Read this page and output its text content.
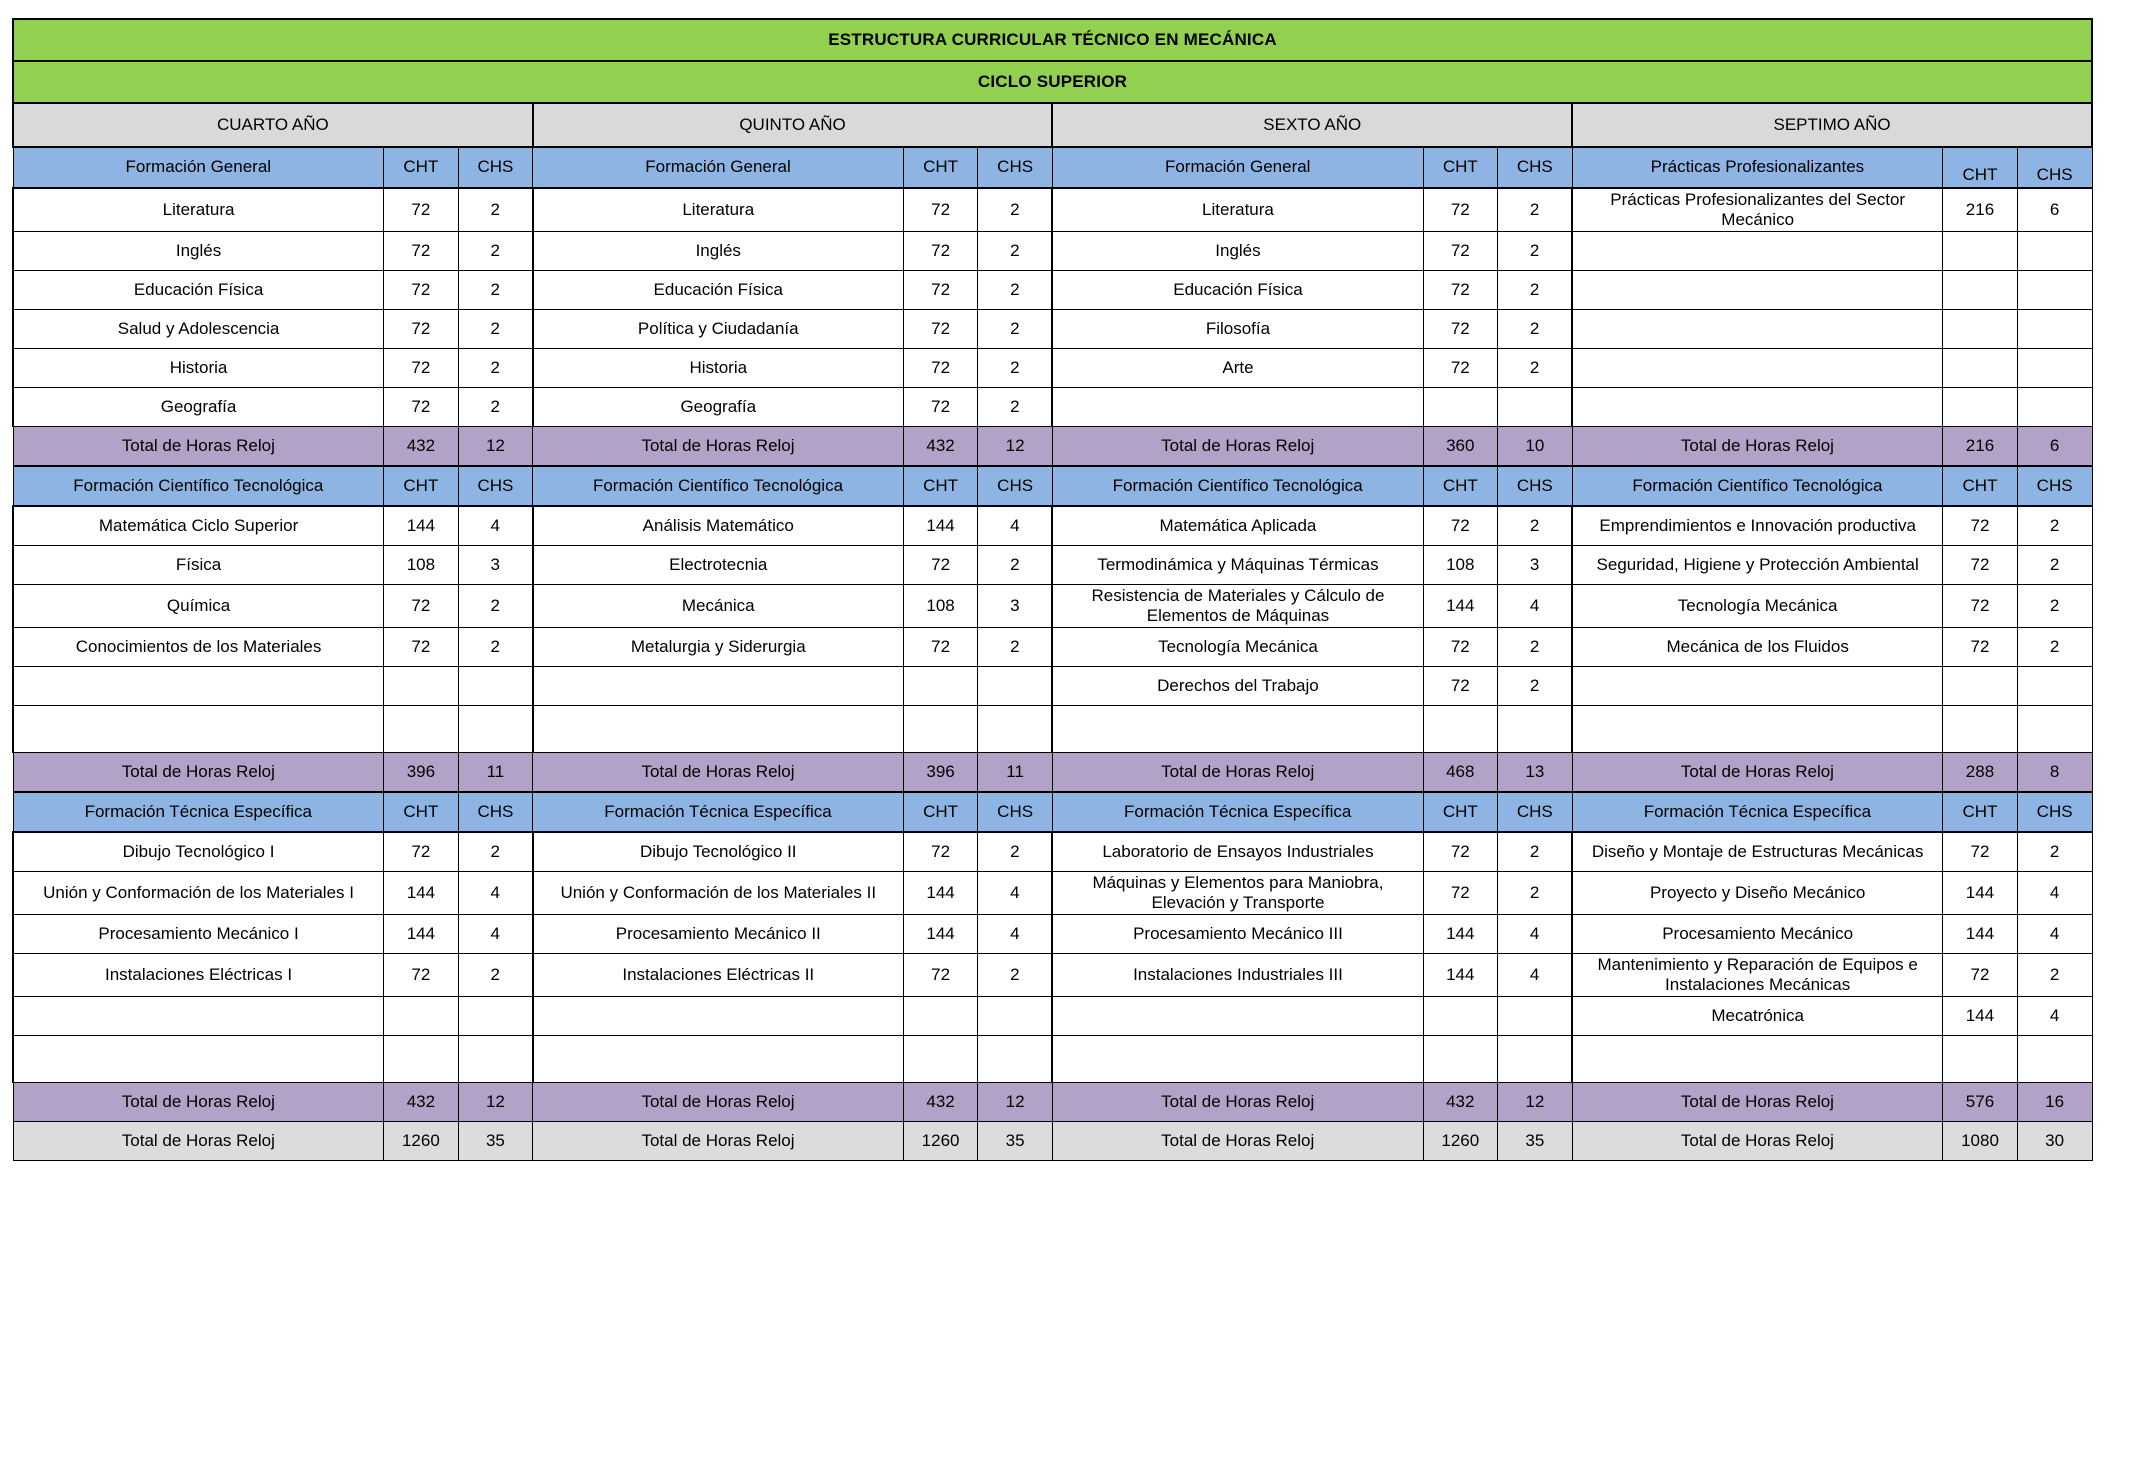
ESTRUCTURA CURRICULAR TÉCNICO EN MECÁNICA											
CICLO SUPERIOR											
CUARTO AÑO			QUINTO AÑO			SEXTO AÑO			SEPTIMO AÑO		
Formación General	CHT	CHS	Formación General	CHT	CHS	Formación General	CHT	CHS	Prácticas Profesionalizantes	CHT	CHS
Literatura	72	2	Literatura	72	2	Literatura	72	2	Prácticas Profesionalizantes del Sector Mecánico	216	6
Inglés	72	2	Inglés	72	2	Inglés	72	2			
Educación Física	72	2	Educación Física	72	2	Educación Física	72	2			
Salud y Adolescencia	72	2	Política y Ciudadanía	72	2	Filosofía	72	2			
Historia	72	2	Historia	72	2	Arte	72	2			
Geografía	72	2	Geografía	72	2						
Total de Horas Reloj	432	12	Total de Horas Reloj	432	12	Total de Horas Reloj	360	10	Total de Horas Reloj	216	6
Formación Científico Tecnológica	CHT	CHS	Formación Científico Tecnológica	CHT	CHS	Formación Científico Tecnológica	CHT	CHS	Formación Científico Tecnológica	CHT	CHS
Matemática Ciclo Superior	144	4	Análisis Matemático	144	4	Matemática Aplicada	72	2	Emprendimientos e Innovación productiva	72	2
Física	108	3	Electrotecnia	72	2	Termodinámica y Máquinas Térmicas	108	3	Seguridad, Higiene y Protección Ambiental	72	2
Química	72	2	Mecánica	108	3	Resistencia de Materiales y Cálculo de Elementos de Máquinas	144	4	Tecnología Mecánica	72	2
Conocimientos de los Materiales	72	2	Metalurgia y Siderurgia	72	2	Tecnología Mecánica	72	2	Mecánica de los Fluidos	72	2
						Derechos del Trabajo	72	2			

Total de Horas Reloj	396	11	Total de Horas Reloj	396	11	Total de Horas Reloj	468	13	Total de Horas Reloj	288	8
Formación Técnica Específica	CHT	CHS	Formación Técnica Específica	CHT	CHS	Formación Técnica Específica	CHT	CHS	Formación Técnica Específica	CHT	CHS
Dibujo Tecnológico I	72	2	Dibujo Tecnológico II	72	2	Laboratorio de Ensayos Industriales	72	2	Diseño y Montaje de Estructuras Mecánicas	72	2
Unión y Conformación de los Materiales I	144	4	Unión y Conformación de los Materiales II	144	4	Máquinas y Elementos para Maniobra, Elevación y Transporte	72	2	Proyecto y Diseño Mecánico	144	4
Procesamiento Mecánico I	144	4	Procesamiento Mecánico II	144	4	Procesamiento Mecánico III	144	4	Procesamiento Mecánico	144	4
Instalaciones Eléctricas I	72	2	Instalaciones Eléctricas II	72	2	Instalaciones Industriales III	144	4	Mantenimiento y Reparación de Equipos e Instalaciones Mecánicas	72	2
									Mecatrónica	144	4

Total de Horas Reloj	432	12	Total de Horas Reloj	432	12	Total de Horas Reloj	432	12	Total de Horas Reloj	576	16
Total de Horas Reloj	1260	35	Total de Horas Reloj	1260	35	Total de Horas Reloj	1260	35	Total de Horas Reloj	1080	30
